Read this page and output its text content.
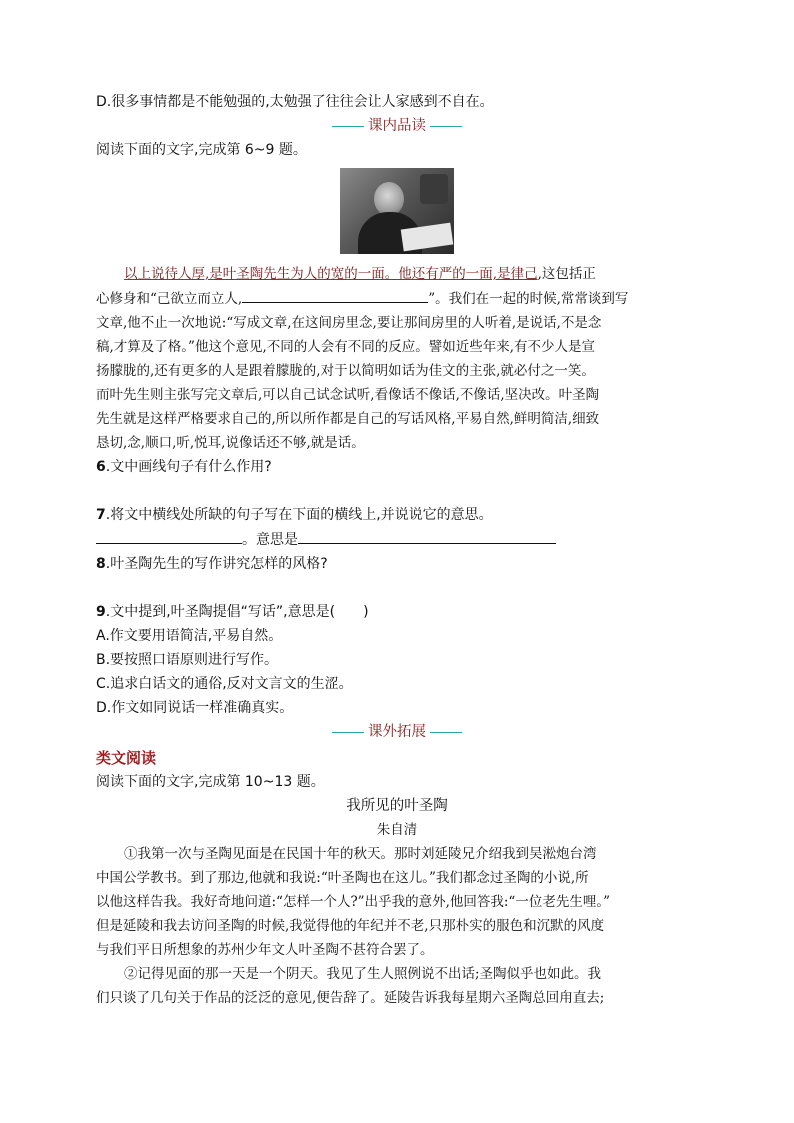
D.很多事情都是不能勉强的,太勉强了往往会让人家感到不自在。
课内品读
阅读下面的文字,完成第 6~9 题。
以上说待人厚,是叶圣陶先生为人的宽的一面。他还有严的一面,是律己,这包括正
心修身和“己欲立而立人,	”。我们在一起的时候,常常谈到写
文章,他不止一次地说:“写成文章,在这间房里念,要让那间房里的人听着,是说话,不是念
稿,才算及了格。”他这个意见,不同的人会有不同的反应。譬如近些年来,有不少人是宣
扬朦胧的,还有更多的人是跟着朦胧的,对于以简明如话为佳文的主张,就必付之一笑。
而叶先生则主张写完文章后,可以自己试念试听,看像话不像话,不像话,坚决改。叶圣陶
先生就是这样严格要求自己的,所以所作都是自己的写话风格,平易自然,鲜明简洁,细致
恳切,念,顺口,听,悦耳,说像话还不够,就是话。
6.文中画线句子有什么作用?
7.将文中横线处所缺的句子写在下面的横线上,并说说它的意思。
。意思是
8.叶圣陶先生的写作讲究怎样的风格?
9.文中提到,叶圣陶提倡“写话”,意思是(　　)
A.作文要用语简洁,平易自然。
B.要按照口语原则进行写作。
C.追求白话文的通俗,反对文言文的生涩。
D.作文如同说话一样准确真实。
课外拓展
类文阅读
阅读下面的文字,完成第 10~13 题。
我所见的叶圣陶
朱自清
①我第一次与圣陶见面是在民国十年的秋天。那时刘延陵兄介绍我到吴淞炮台湾
中国公学教书。到了那边,他就和我说:“叶圣陶也在这儿。”我们都念过圣陶的小说,所
以他这样告我。我好奇地问道:“怎样一个人?”出乎我的意外,他回答我:“一位老先生哩。”
但是延陵和我去访问圣陶的时候,我觉得他的年纪并不老,只那朴实的服色和沉默的风度
与我们平日所想象的苏州少年文人叶圣陶不甚符合罢了。
②记得见面的那一天是一个阴天。我见了生人照例说不出话;圣陶似乎也如此。我
们只谈了几句关于作品的泛泛的意见,便告辞了。延陵告诉我每星期六圣陶总回甪直去;
